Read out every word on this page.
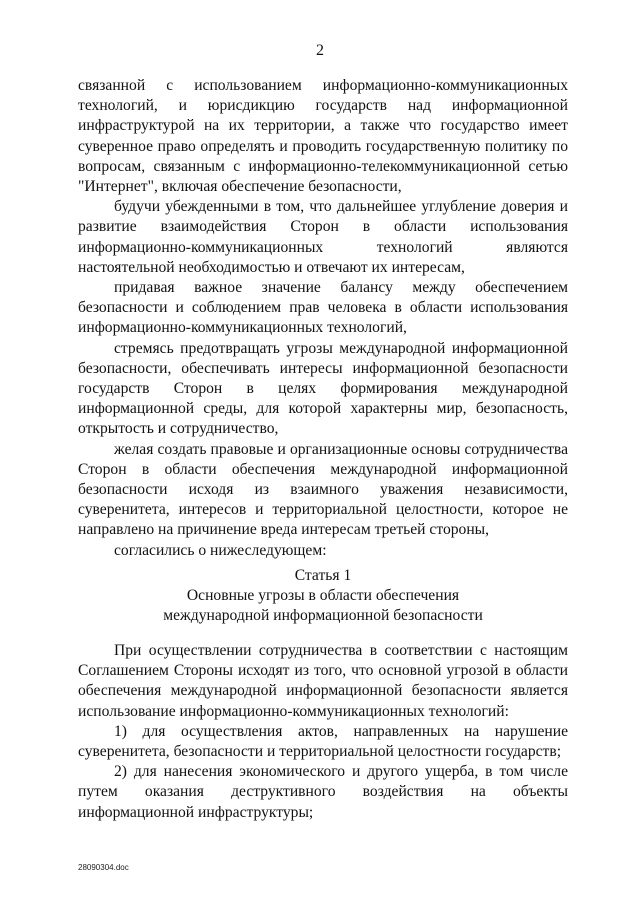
2

связанной с использованием информационно-коммуникационных технологий, и юрисдикцию государств над информационной инфраструктурой на их территории, а также что государство имеет суверенное право определять и проводить государственную политику по вопросам, связанным с информационно-телекоммуникационной сетью "Интернет", включая обеспечение безопасности,

будучи убежденными в том, что дальнейшее углубление доверия и развитие взаимодействия Сторон в области использования информационно-коммуникационных технологий являются настоятельной необходимостью и отвечают их интересам,

придавая важное значение балансу между обеспечением безопасности и соблюдением прав человека в области использования информационно-коммуникационных технологий,

стремясь предотвращать угрозы международной информационной безопасности, обеспечивать интересы информационной безопасности государств Сторон в целях формирования международной информационной среды, для которой характерны мир, безопасность, открытость и сотрудничество,

желая создать правовые и организационные основы сотрудничества Сторон в области обеспечения международной информационной безопасности исходя из взаимного уважения независимости, суверенитета, интересов и территориальной целостности, которое не направлено на причинение вреда интересам третьей стороны,

согласились о нижеследующем:

Статья 1
Основные угрозы в области обеспечения
международной информационной безопасности

При осуществлении сотрудничества в соответствии с настоящим Соглашением Стороны исходят из того, что основной угрозой в области обеспечения международной информационной безопасности является использование информационно-коммуникационных технологий:

1) для осуществления актов, направленных на нарушение суверенитета, безопасности и территориальной целостности государств;

2) для нанесения экономического и другого ущерба, в том числе путем оказания деструктивного воздействия на объекты информационной инфраструктуры;

28090304.doc
